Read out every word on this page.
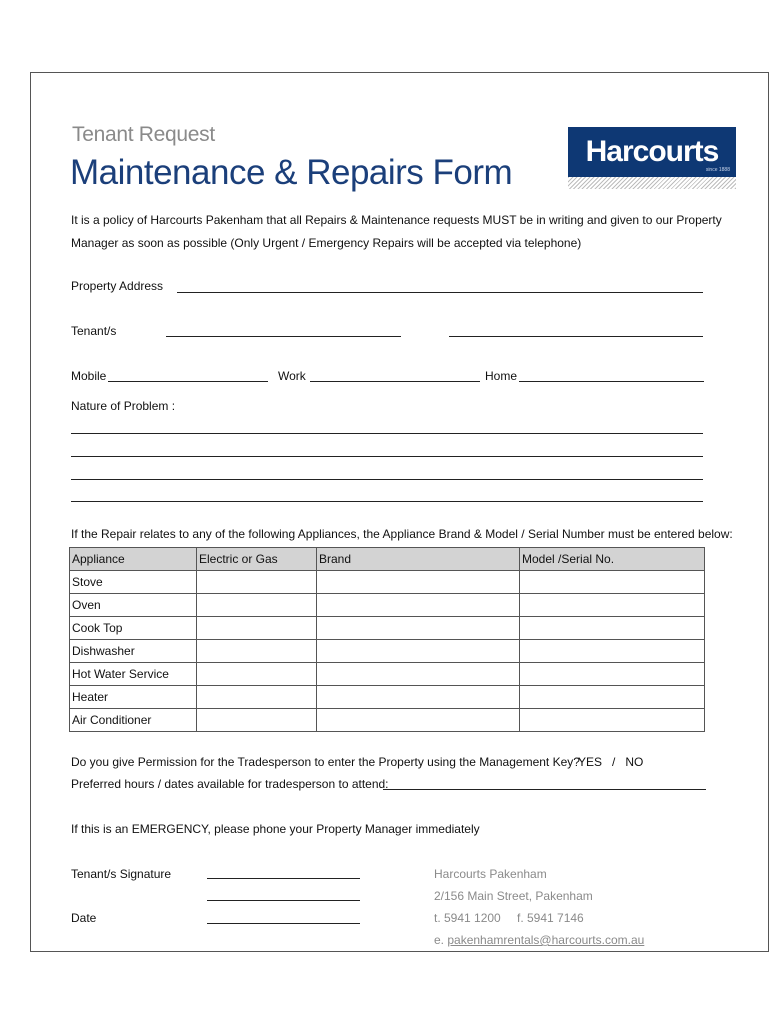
Tenant Request
Maintenance & Repairs Form
Harcourts
since 1888
It is a policy of Harcourts Pakenham that all Repairs & Maintenance requests MUST be in writing and given to our Property Manager as soon as possible (Only Urgent / Emergency Repairs will be accepted via telephone)
Property Address
Tenant/s
Mobile	Work	Home
Nature of Problem :
If the Repair relates to any of the following Appliances, the Appliance Brand & Model / Serial Number must be entered below:
Appliance	Electric or Gas	Brand	Model /Serial No.
Stove			
Oven			
Cook Top			
Dishwasher			
Hot Water Service			
Heater			
Air Conditioner			
Do you give Permission for the Tradesperson to enter the Property using the Management Key?
YES   /   NO
Preferred hours / dates available for tradesperson to attend:
If this is an EMERGENCY, please phone your Property Manager immediately
Tenant/s Signature
Date
Harcourts Pakenham
2/156 Main Street, Pakenham
t. 5941 1200 f. 5941 7146
e. pakenhamrentals@harcourts.com.au
